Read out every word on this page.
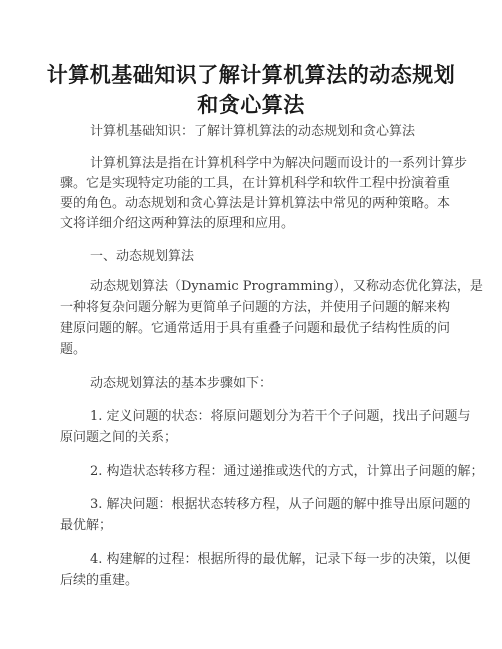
计算机基础知识了解计算机算法的动态规划
和贪心算法
计算机基础知识：了解计算机算法的动态规划和贪心算法
计算机算法是指在计算机科学中为解决问题而设计的一系列计算步
骤。它是实现特定功能的工具，在计算机科学和软件工程中扮演着重
要的角色。动态规划和贪心算法是计算机算法中常见的两种策略。本
文将详细介绍这两种算法的原理和应用。
一、动态规划算法
动态规划算法（Dynamic Programming），又称动态优化算法，是
一种将复杂问题分解为更简单子问题的方法，并使用子问题的解来构
建原问题的解。它通常适用于具有重叠子问题和最优子结构性质的问
题。
动态规划算法的基本步骤如下：
1. 定义问题的状态：将原问题划分为若干个子问题，找出子问题与
原问题之间的关系；
2. 构造状态转移方程：通过递推或迭代的方式，计算出子问题的解；
3. 解决问题：根据状态转移方程，从子问题的解中推导出原问题的
最优解；
4. 构建解的过程：根据所得的最优解，记录下每一步的决策，以便
后续的重建。
